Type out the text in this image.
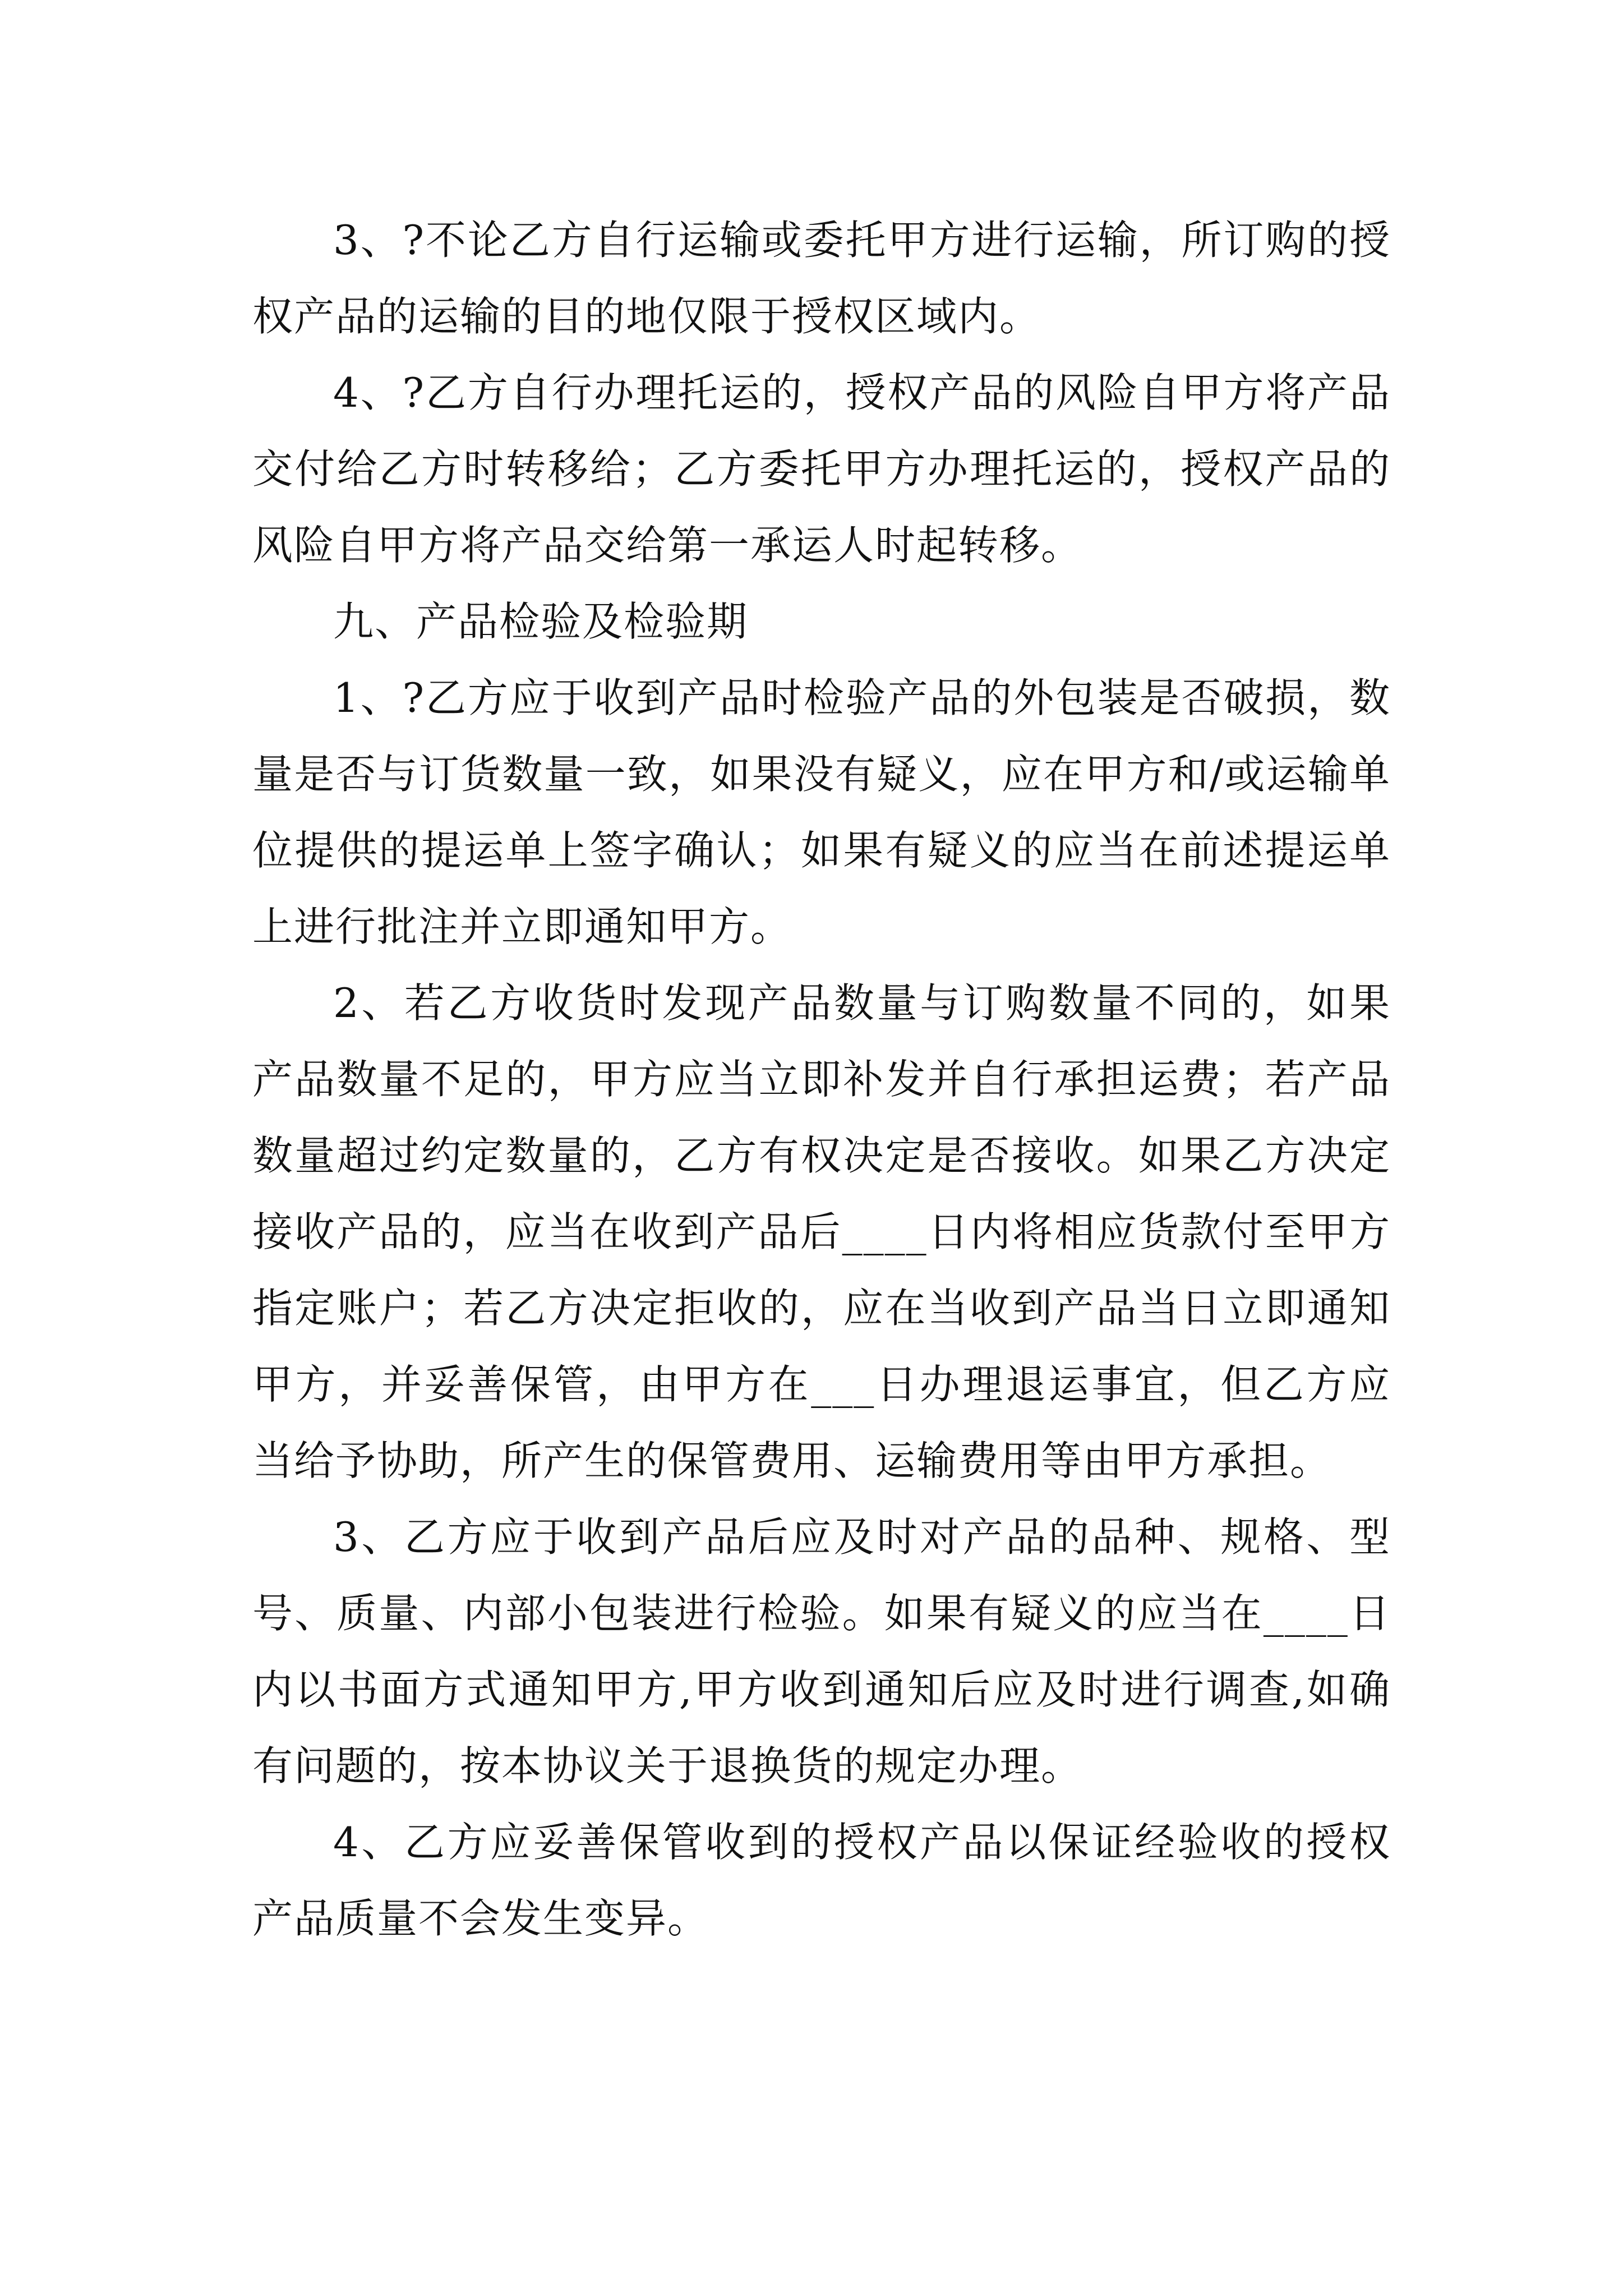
3、?不论乙方自行运输或委托甲方进行运输，所订购的授权产品的运输的目的地仅限于授权区域内。

4、?乙方自行办理托运的，授权产品的风险自甲方将产品交付给乙方时转移给；乙方委托甲方办理托运的，授权产品的风险自甲方将产品交给第一承运人时起转移。

九、产品检验及检验期

1、?乙方应于收到产品时检验产品的外包装是否破损，数量是否与订货数量一致，如果没有疑义，应在甲方和/或运输单位提供的提运单上签字确认；如果有疑义的应当在前述提运单上进行批注并立即通知甲方。

2、若乙方收货时发现产品数量与订购数量不同的，如果产品数量不足的，甲方应当立即补发并自行承担运费；若产品数量超过约定数量的，乙方有权决定是否接收。如果乙方决定接收产品的，应当在收到产品后____日内将相应货款付至甲方指定账户；若乙方决定拒收的，应在当收到产品当日立即通知甲方，并妥善保管，由甲方在___日办理退运事宜，但乙方应当给予协助，所产生的保管费用、运输费用等由甲方承担。

3、乙方应于收到产品后应及时对产品的品种、规格、型号、质量、内部小包装进行检验。如果有疑义的应当在____日内以书面方式通知甲方,甲方收到通知后应及时进行调查,如确有问题的，按本协议关于退换货的规定办理。

4、乙方应妥善保管收到的授权产品以保证经验收的授权产品质量不会发生变异。
